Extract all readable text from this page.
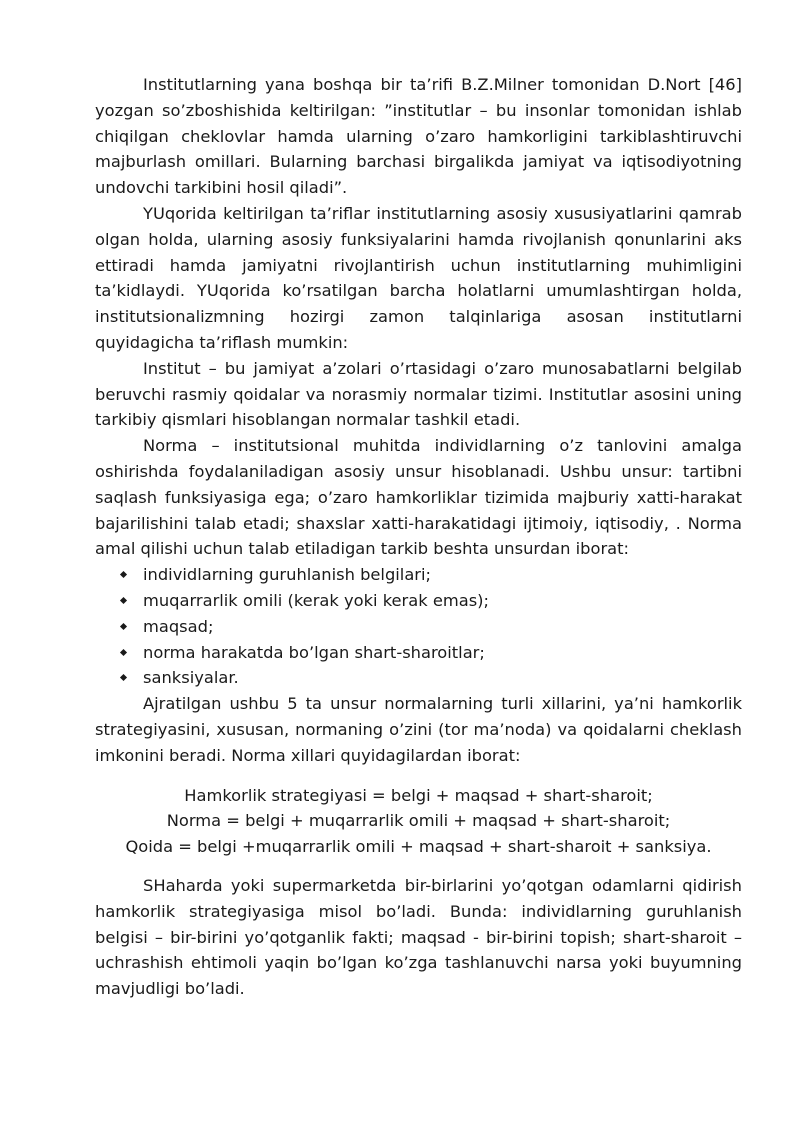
Institutlarning yana boshqa bir ta’rifi B.Z.Milner tomonidan D.Nort [46] yozgan so’zboshishida keltirilgan: ”institutlar – bu insonlar tomonidan ishlab chiqilgan cheklovlar hamda ularning o’zaro hamkorligini tarkiblashtiruvchi majburlash omillari. Bularning barchasi birgalikda jamiyat va iqtisodiyotning undovchi tarkibini hosil qiladi”.

YUqorida keltirilgan ta’riflar institutlarning asosiy xususiyatlarini qamrab olgan holda, ularning asosiy funksiyalarini hamda rivojlanish qonunlarini aks ettiradi hamda jamiyatni rivojlantirish uchun institutlarning muhimligini ta’kidlaydi. YUqorida ko’rsatilgan barcha holatlarni umumlashtirgan holda, institutsionalizmning hozirgi zamon talqinlariga asosan institutlarni quyidagicha ta’riflash mumkin:

Institut – bu jamiyat a’zolari o’rtasidagi o’zaro munosabatlarni belgilab beruvchi rasmiy qoidalar va norasmiy normalar tizimi. Institutlar asosini uning tarkibiy qismlari hisoblangan normalar tashkil etadi.

Norma – institutsional muhitda individlarning o’z tanlovini amalga oshirishda foydalaniladigan asosiy unsur hisoblanadi. Ushbu unsur: tartibni saqlash funksiyasiga ega; o’zaro hamkorliklar tizimida majburiy xatti-harakat bajarilishini talab etadi; shaxslar xatti-harakatidagi ijtimoiy, iqtisodiy, . Norma amal qilishi uchun talab etiladigan tarkib beshta unsurdan iborat:

individlarning guruhlanish belgilari;
muqarrarlik omili (kerak yoki kerak emas);
maqsad;
norma harakatda bo’lgan shart-sharoitlar;
sanksiyalar.

Ajratilgan ushbu 5 ta unsur normalarning turli xillarini, ya’ni hamkorlik strategiyasini, xususan, normaning o’zini (tor ma’noda) va qoidalarni cheklash imkonini beradi. Norma xillari quyidagilardan iborat:

Hamkorlik strategiyasi = belgi + maqsad + shart-sharoit;
Norma = belgi + muqarrarlik omili + maqsad + shart-sharoit;
Qoida = belgi +muqarrarlik omili + maqsad + shart-sharoit + sanksiya.

SHaharda yoki supermarketda bir-birlarini yo’qotgan odamlarni qidirish hamkorlik strategiyasiga misol bo’ladi. Bunda: individlarning guruhlanish belgisi – bir-birini yo’qotganlik fakti; maqsad - bir-birini topish; shart-sharoit – uchrashish ehtimoli yaqin bo’lgan ko’zga tashlanuvchi narsa yoki buyumning mavjudligi bo’ladi.
